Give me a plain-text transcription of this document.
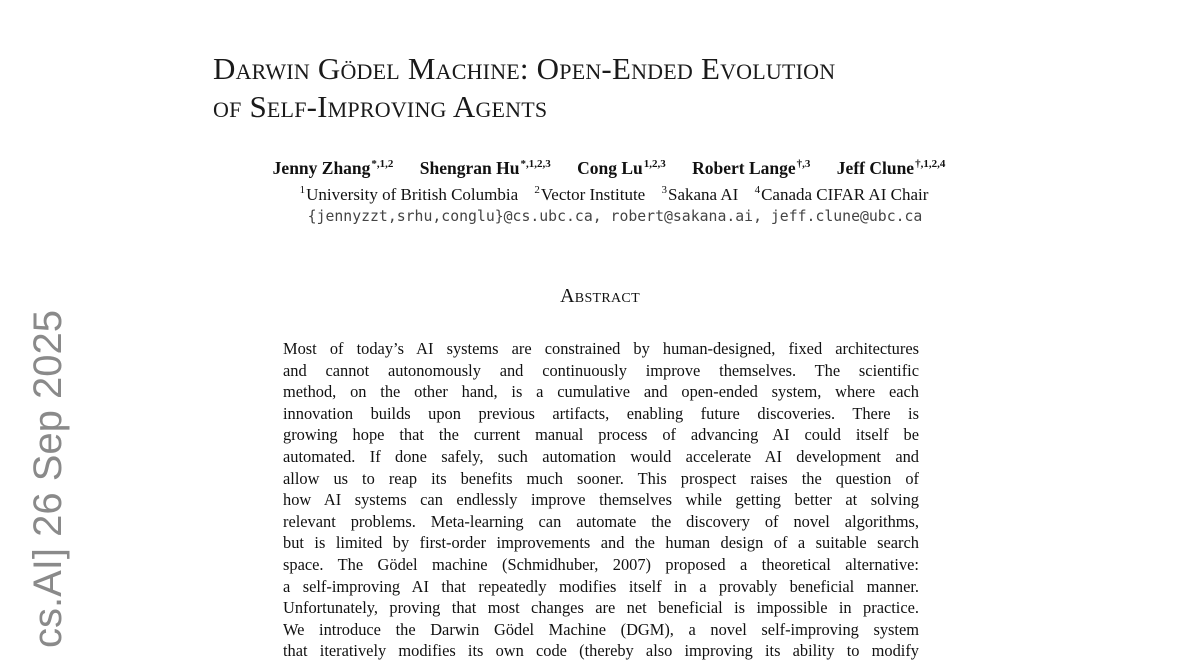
Darwin Gödel Machine: Open-Ended Evolution
of Self-Improving Agents
Jenny Zhang$^{*,1,2}$ Shengran $Hu^{*,1,2,3}$ Cong Lu$^{1,2,3}$ Robert Lange$^{\dagger,3}$ Jeff Clune$^{\dagger,1,2,4}$
$^1$University of British Columbia $^2$Vector Institute $^3$Sakana AI $^4$Canada CIFAR AI Chair
{jennyzzt,srhu,conglu}@cs.ubc.ca, robert@sakana.ai, jeff.clune@ubc.ca
Abstract
Most of today’s AI systems are constrained by human-designed, fixed architectures
and cannot autonomously and continuously improve themselves. The scientific
method, on the other hand, is a cumulative and open-ended system, where each
innovation builds upon previous artifacts, enabling future discoveries. There is
growing hope that the current manual process of advancing AI could itself be
automated. If done safely, such automation would accelerate AI development and
allow us to reap its benefits much sooner. This prospect raises the question of
how AI systems can endlessly improve themselves while getting better at solving
relevant problems. Meta-learning can automate the discovery of novel algorithms,
but is limited by first-order improvements and the human design of a suitable search
space. The Gödel machine (Schmidhuber, 2007) proposed a theoretical alternative:
a self-improving AI that repeatedly modifies itself in a provably beneficial manner.
Unfortunately, proving that most changes are net beneficial is impossible in practice.
We introduce the Darwin Gödel Machine (DGM), a novel self-improving system
that iteratively modifies its own code (thereby also improving its ability to modify
cs.AI] 26 Sep 2025
